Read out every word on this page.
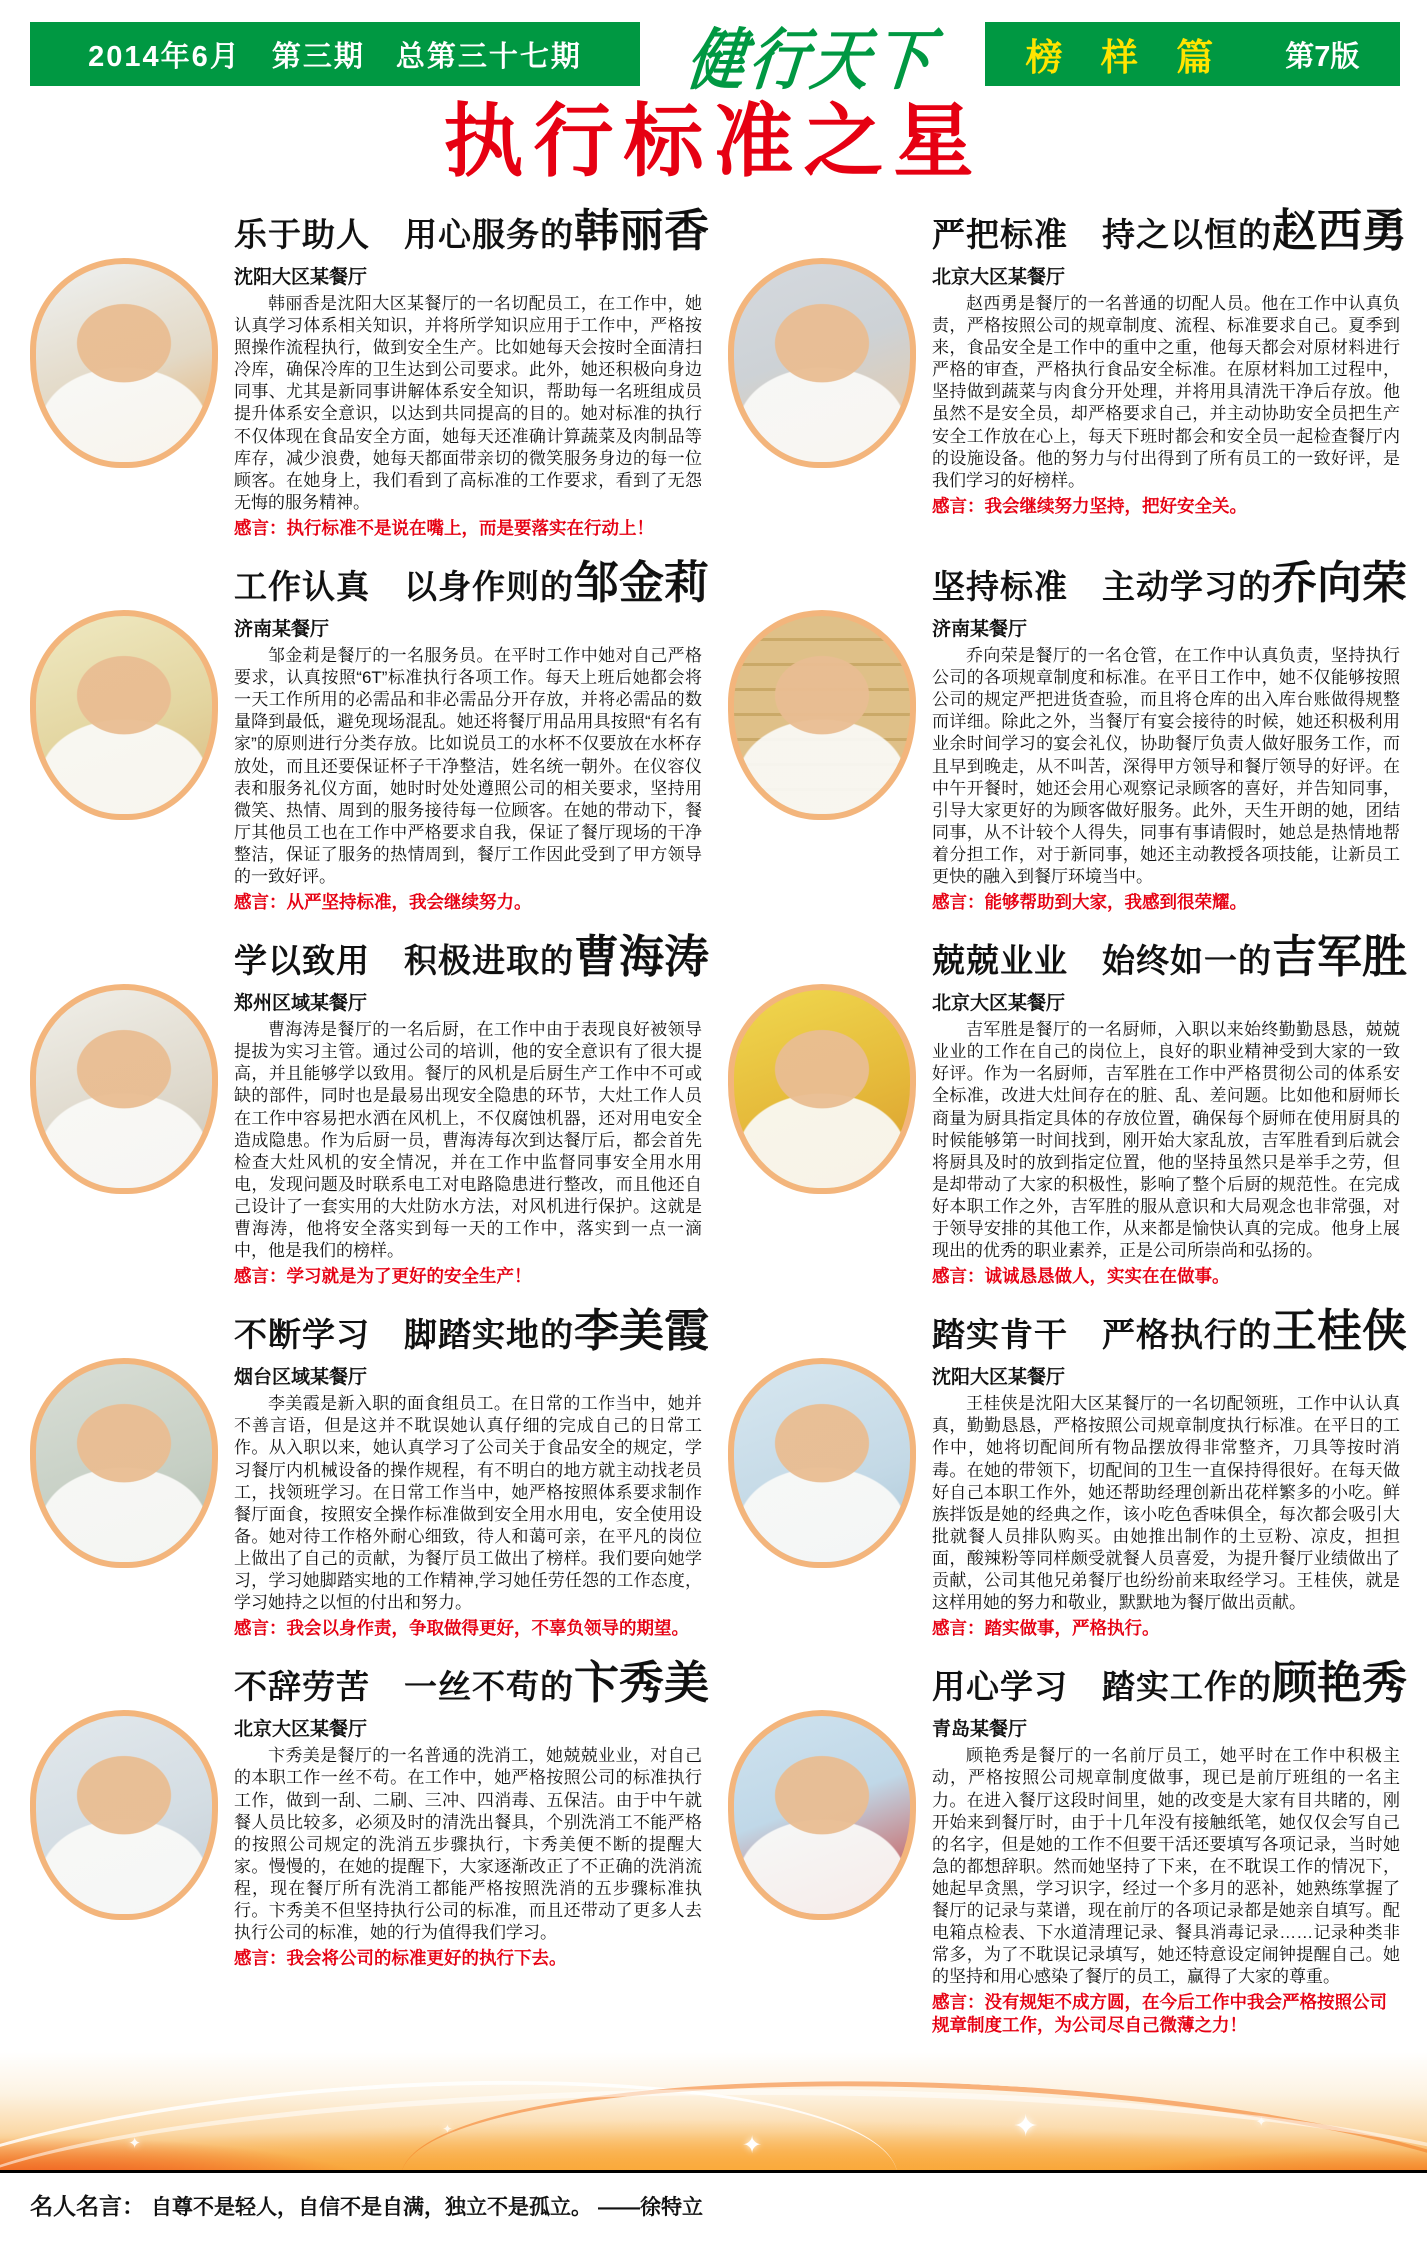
2014年6月　第三期　总第三十七期 健行天下 榜 样 篇 第7版
执行标准之星
乐于助人　用心服务的韩丽香
沈阳大区某餐厅

韩丽香是沈阳大区某餐厅的一名切配员工，在工作中，她认真学习体系相关知识，并将所学知识应用于工作中，严格按照操作流程执行，做到安全生产。比如她每天会按时全面清扫冷库，确保冷库的卫生达到公司要求。此外，她还积极向身边同事、尤其是新同事讲解体系安全知识，帮助每一名班组成员提升体系安全意识，以达到共同提高的目的。她对标准的执行不仅体现在食品安全方面，她每天还准确计算蔬菜及肉制品等库存，减少浪费，她每天都面带亲切的微笑服务身边的每一位顾客。在她身上，我们看到了高标准的工作要求，看到了无怨无悔的服务精神。

感言：执行标准不是说在嘴上，而是要落实在行动上！

严把标准　持之以恒的赵西勇
北京大区某餐厅

赵西勇是餐厅的一名普通的切配人员。他在工作中认真负责，严格按照公司的规章制度、流程、标准要求自己。夏季到来，食品安全是工作中的重中之重，他每天都会对原材料进行严格的审查，严格执行食品安全标准。在原材料加工过程中，坚持做到蔬菜与肉食分开处理，并将用具清洗干净后存放。他虽然不是安全员，却严格要求自己，并主动协助安全员把生产安全工作放在心上，每天下班时都会和安全员一起检查餐厅内的设施设备。他的努力与付出得到了所有员工的一致好评，是我们学习的好榜样。

感言：我会继续努力坚持，把好安全关。

工作认真　以身作则的邹金莉
济南某餐厅

邹金莉是餐厅的一名服务员。在平时工作中她对自己严格要求，认真按照“6T”标准执行各项工作。每天上班后她都会将一天工作所用的必需品和非必需品分开存放，并将必需品的数量降到最低，避免现场混乱。她还将餐厅用品用具按照“有名有家”的原则进行分类存放。比如说员工的水杯不仅要放在水杯存放处，而且还要保证杯子干净整洁，姓名统一朝外。在仪容仪表和服务礼仪方面，她时时处处遵照公司的相关要求，坚持用微笑、热情、周到的服务接待每一位顾客。在她的带动下，餐厅其他员工也在工作中严格要求自我，保证了餐厅现场的干净整洁，保证了服务的热情周到，餐厅工作因此受到了甲方领导的一致好评。

感言：从严坚持标准，我会继续努力。

坚持标准　主动学习的乔向荣
济南某餐厅

乔向荣是餐厅的一名仓管，在工作中认真负责，坚持执行公司的各项规章制度和标准。在平日工作中，她不仅能够按照公司的规定严把进货查验，而且将仓库的出入库台账做得规整而详细。除此之外，当餐厅有宴会接待的时候，她还积极利用业余时间学习的宴会礼仪，协助餐厅负责人做好服务工作，而且早到晚走，从不叫苦，深得甲方领导和餐厅领导的好评。在中午开餐时，她还会用心观察记录顾客的喜好，并告知同事，引导大家更好的为顾客做好服务。此外，天生开朗的她，团结同事，从不计较个人得失，同事有事请假时，她总是热情地帮着分担工作，对于新同事，她还主动教授各项技能，让新员工更快的融入到餐厅环境当中。

感言：能够帮助到大家，我感到很荣耀。

学以致用　积极进取的曹海涛
郑州区域某餐厅

曹海涛是餐厅的一名后厨，在工作中由于表现良好被领导提拔为实习主管。通过公司的培训，他的安全意识有了很大提高，并且能够学以致用。餐厅的风机是后厨生产工作中不可或缺的部件，同时也是最易出现安全隐患的环节，大灶工作人员在工作中容易把水洒在风机上，不仅腐蚀机器，还对用电安全造成隐患。作为后厨一员，曹海涛每次到达餐厅后，都会首先检查大灶风机的安全情况，并在工作中监督同事安全用水用电，发现问题及时联系电工对电路隐患进行整改，而且他还自己设计了一套实用的大灶防水方法，对风机进行保护。这就是曹海涛，他将安全落实到每一天的工作中，落实到一点一滴中，他是我们的榜样。

感言：学习就是为了更好的安全生产！

兢兢业业　始终如一的吉军胜
北京大区某餐厅

吉军胜是餐厅的一名厨师，入职以来始终勤勤恳恳，兢兢业业的工作在自己的岗位上，良好的职业精神受到大家的一致好评。作为一名厨师，吉军胜在工作中严格贯彻公司的体系安全标准，改进大灶间存在的脏、乱、差问题。比如他和厨师长商量为厨具指定具体的存放位置，确保每个厨师在使用厨具的时候能够第一时间找到，刚开始大家乱放，吉军胜看到后就会将厨具及时的放到指定位置，他的坚持虽然只是举手之劳，但是却带动了大家的积极性，影响了整个后厨的规范性。在完成好本职工作之外，吉军胜的服从意识和大局观念也非常强，对于领导安排的其他工作，从来都是愉快认真的完成。他身上展现出的优秀的职业素养，正是公司所崇尚和弘扬的。

感言：诚诚恳恳做人，实实在在做事。

不断学习　脚踏实地的李美霞
烟台区域某餐厅

李美霞是新入职的面食组员工。在日常的工作当中，她并不善言语，但是这并不耽误她认真仔细的完成自己的日常工作。从入职以来，她认真学习了公司关于食品安全的规定，学习餐厅内机械设备的操作规程，有不明白的地方就主动找老员工，找领班学习。在日常工作当中，她严格按照体系要求制作餐厅面食，按照安全操作标准做到安全用水用电，安全使用设备。她对待工作格外耐心细致，待人和蔼可亲，在平凡的岗位上做出了自己的贡献，为餐厅员工做出了榜样。我们要向她学习，学习她脚踏实地的工作精神,学习她任劳任怨的工作态度，学习她持之以恒的付出和努力。

感言：我会以身作责，争取做得更好，不辜负领导的期望。

踏实肯干　严格执行的王桂侠
沈阳大区某餐厅

王桂侠是沈阳大区某餐厅的一名切配领班，工作中认认真真，勤勤恳恳，严格按照公司规章制度执行标准。在平日的工作中，她将切配间所有物品摆放得非常整齐，刀具等按时消毒。在她的带领下，切配间的卫生一直保持得很好。在每天做好自己本职工作外，她还帮助经理创新出花样繁多的小吃。鲜族拌饭是她的经典之作，该小吃色香味俱全，每次都会吸引大批就餐人员排队购买。由她推出制作的土豆粉、凉皮，担担面，酸辣粉等同样颇受就餐人员喜爱，为提升餐厅业绩做出了贡献，公司其他兄弟餐厅也纷纷前来取经学习。王桂侠，就是这样用她的努力和敬业，默默地为餐厅做出贡献。

感言：踏实做事，严格执行。

不辞劳苦　一丝不苟的卞秀美
北京大区某餐厅

卞秀美是餐厅的一名普通的洗消工，她兢兢业业，对自己的本职工作一丝不苟。在工作中，她严格按照公司的标准执行工作，做到一刮、二刷、三冲、四消毒、五保洁。由于中午就餐人员比较多，必须及时的清洗出餐具，个别洗消工不能严格的按照公司规定的洗消五步骤执行，卞秀美便不断的提醒大家。慢慢的，在她的提醒下，大家逐渐改正了不正确的洗消流程，现在餐厅所有洗消工都能严格按照洗消的五步骤标准执行。卞秀美不但坚持执行公司的标准，而且还带动了更多人去执行公司的标准，她的行为值得我们学习。

感言：我会将公司的标准更好的执行下去。

用心学习　踏实工作的顾艳秀
青岛某餐厅

顾艳秀是餐厅的一名前厅员工，她平时在工作中积极主动，严格按照公司规章制度做事，现已是前厅班组的一名主力。在进入餐厅这段时间里，她的改变是大家有目共睹的，刚开始来到餐厅时，由于十几年没有接触纸笔，她仅仅会写自己的名字，但是她的工作不但要干活还要填写各项记录，当时她急的都想辞职。然而她坚持了下来，在不耽误工作的情况下，她起早贪黑，学习识字，经过一个多月的恶补，她熟练掌握了餐厅的记录与菜谱，现在前厅的各项记录都是她亲自填写。配电箱点检表、下水道清理记录、餐具消毒记录……记录种类非常多，为了不耽误记录填写，她还特意设定闹钟提醒自己。她的坚持和用心感染了餐厅的员工，赢得了大家的尊重。

感言：没有规矩不成方圆，在今后工作中我会严格按照公司规章制度工作，为公司尽自己微薄之力！

✦
✦
✦
✦
✦
名人名言： 自尊不是轻人，自信不是自满，独立不是孤立。 ——徐特立
